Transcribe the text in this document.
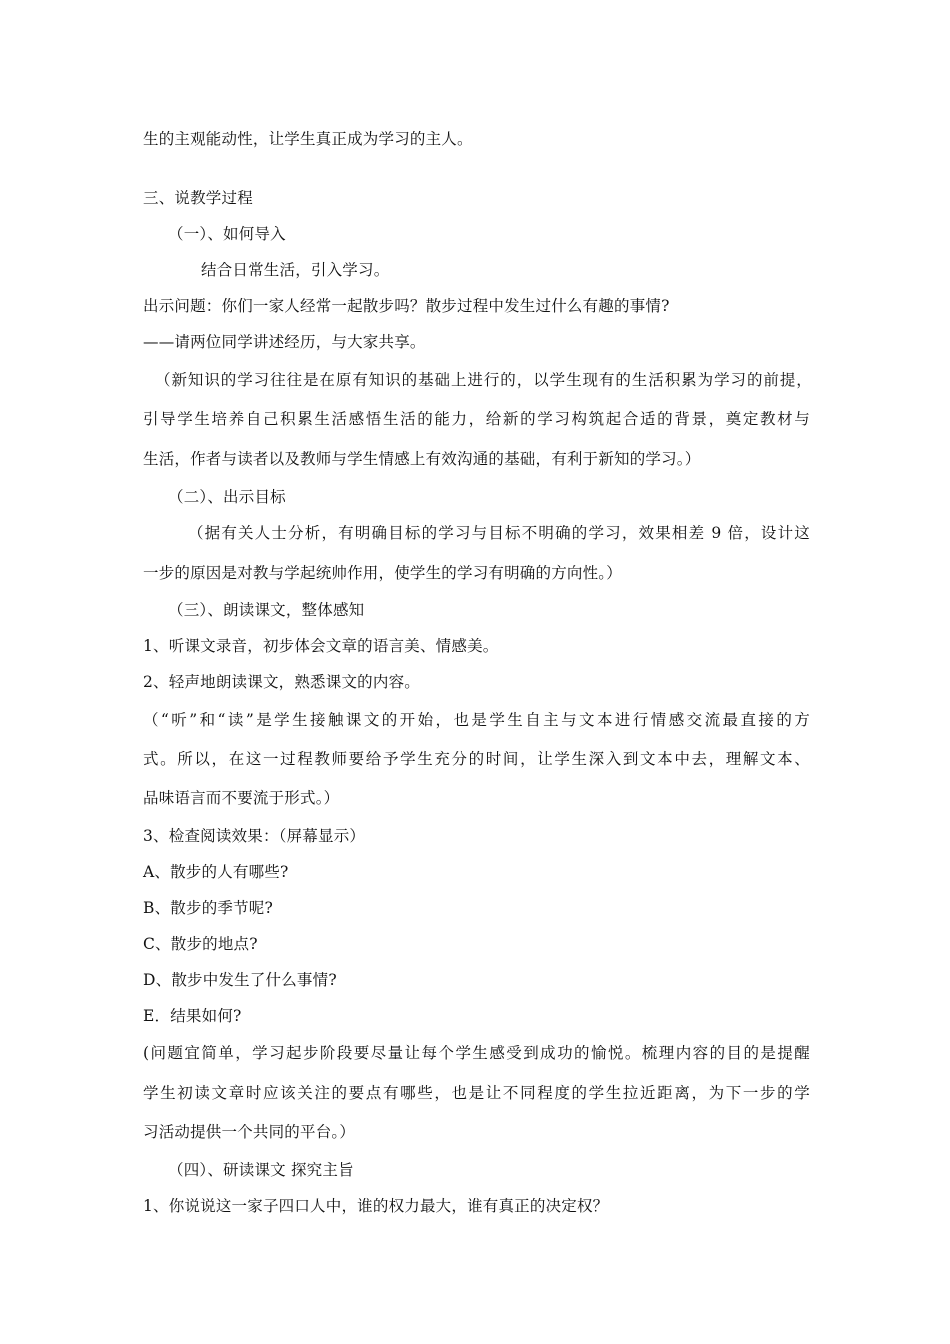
生的主观能动性，让学生真正成为学习的主人。
三、说教学过程
（一）、如何导入
结合日常生活，引入学习。
出示问题：你们一家人经常一起散步吗？散步过程中发生过什么有趣的事情?
——请两位同学讲述经历，与大家共享。
（新知识的学习往往是在原有知识的基础上进行的，以学生现有的生活积累为学习的前提，
引导学生培养自己积累生活感悟生活的能力，给新的学习构筑起合适的背景，奠定教材与
生活，作者与读者以及教师与学生情感上有效沟通的基础，有利于新知的学习。）
（二）、出示目标
（据有关人士分析，有明确目标的学习与目标不明确的学习，效果相差 9 倍，设计这
一步的原因是对教与学起统帅作用，使学生的学习有明确的方向性。）
（三）、朗读课文，整体感知
1、听课文录音，初步体会文章的语言美、情感美。
2、轻声地朗读课文，熟悉课文的内容。
（“听”和“读”是学生接触课文的开始，也是学生自主与文本进行情感交流最直接的方
式。所以，在这一过程教师要给予学生充分的时间，让学生深入到文本中去，理解文本、
品味语言而不要流于形式。）
3、检查阅读效果：（屏幕显示）
A、散步的人有哪些?
B、散步的季节呢?
C、散步的地点?
D、散步中发生了什么事情?
E．结果如何?
(问题宜简单，学习起步阶段要尽量让每个学生感受到成功的愉悦。梳理内容的目的是提醒
学生初读文章时应该关注的要点有哪些，也是让不同程度的学生拉近距离，为下一步的学
习活动提供一个共同的平台。）
（四）、研读课文 探究主旨
1、你说说这一家子四口人中，谁的权力最大，谁有真正的决定权？
